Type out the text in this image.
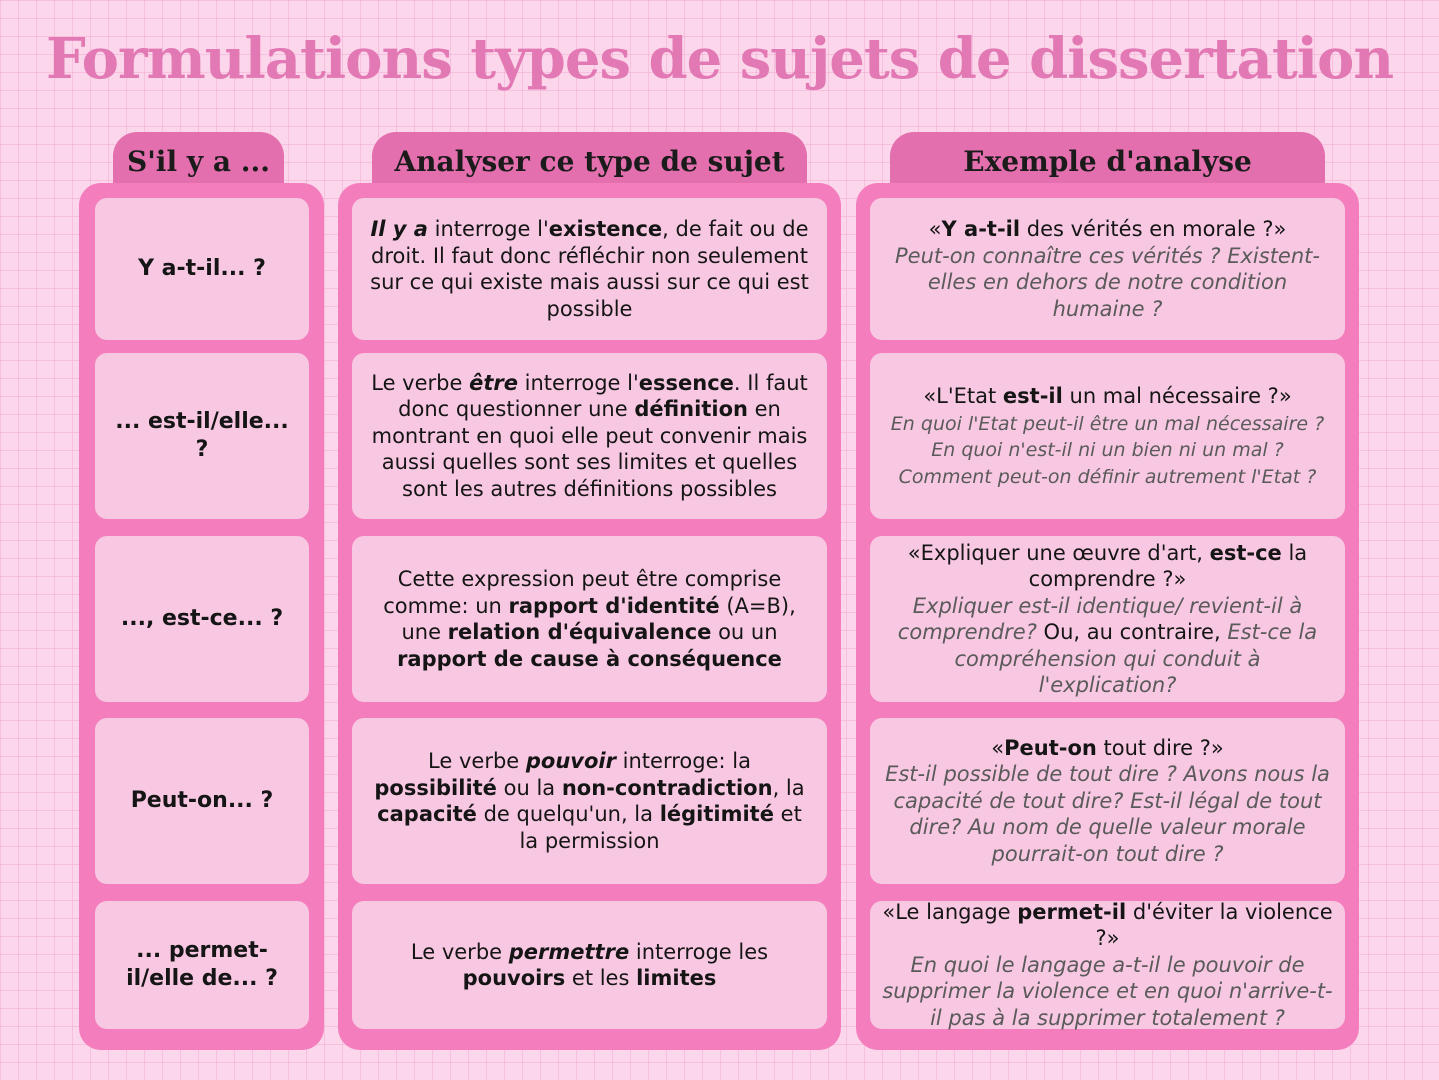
Formulations types de sujets de dissertation
S'il y a ...	Analyser ce type de sujet	Exemple d'analyse
Y a-t-il... ?
Il y a interroge l'existence, de fait ou de droit. Il faut donc réfléchir non seulement sur ce qui existe mais aussi sur ce qui est possible
«Y a-t-il des vérités en morale ?»
Peut-on connaître ces vérités ? Existent-elles en dehors de notre condition humaine ?
... est-il/elle... ?
Le verbe être interroge l'essence. Il faut donc questionner une définition en montrant en quoi elle peut convenir mais aussi quelles sont ses limites et quelles sont les autres définitions possibles
«L'Etat est-il un mal nécessaire ?»
En quoi l'Etat peut-il être un mal nécessaire ? En quoi n'est-il ni un bien ni un mal ? Comment peut-on définir autrement l'Etat ?
..., est-ce... ?
Cette expression peut être comprise comme: un rapport d'identité (A=B), une relation d'équivalence ou un rapport de cause à conséquence
«Expliquer une œuvre d'art, est-ce la comprendre ?»
Expliquer est-il identique/ revient-il à comprendre? Ou, au contraire, Est-ce la compréhension qui conduit à l'explication?
Peut-on... ?
Le verbe pouvoir interroge: la possibilité ou la non-contradiction, la capacité de quelqu'un, la légitimité et la permission
«Peut-on tout dire ?»
Est-il possible de tout dire ? Avons nous la capacité de tout dire? Est-il légal de tout dire? Au nom de quelle valeur morale pourrait-on tout dire ?
... permet-il/elle de... ?
Le verbe permettre interroge les pouvoirs et les limites
«Le langage permet-il d'éviter la violence ?»
En quoi le langage a-t-il le pouvoir de supprimer la violence et en quoi n'arrive-t-il pas à la supprimer totalement ?
